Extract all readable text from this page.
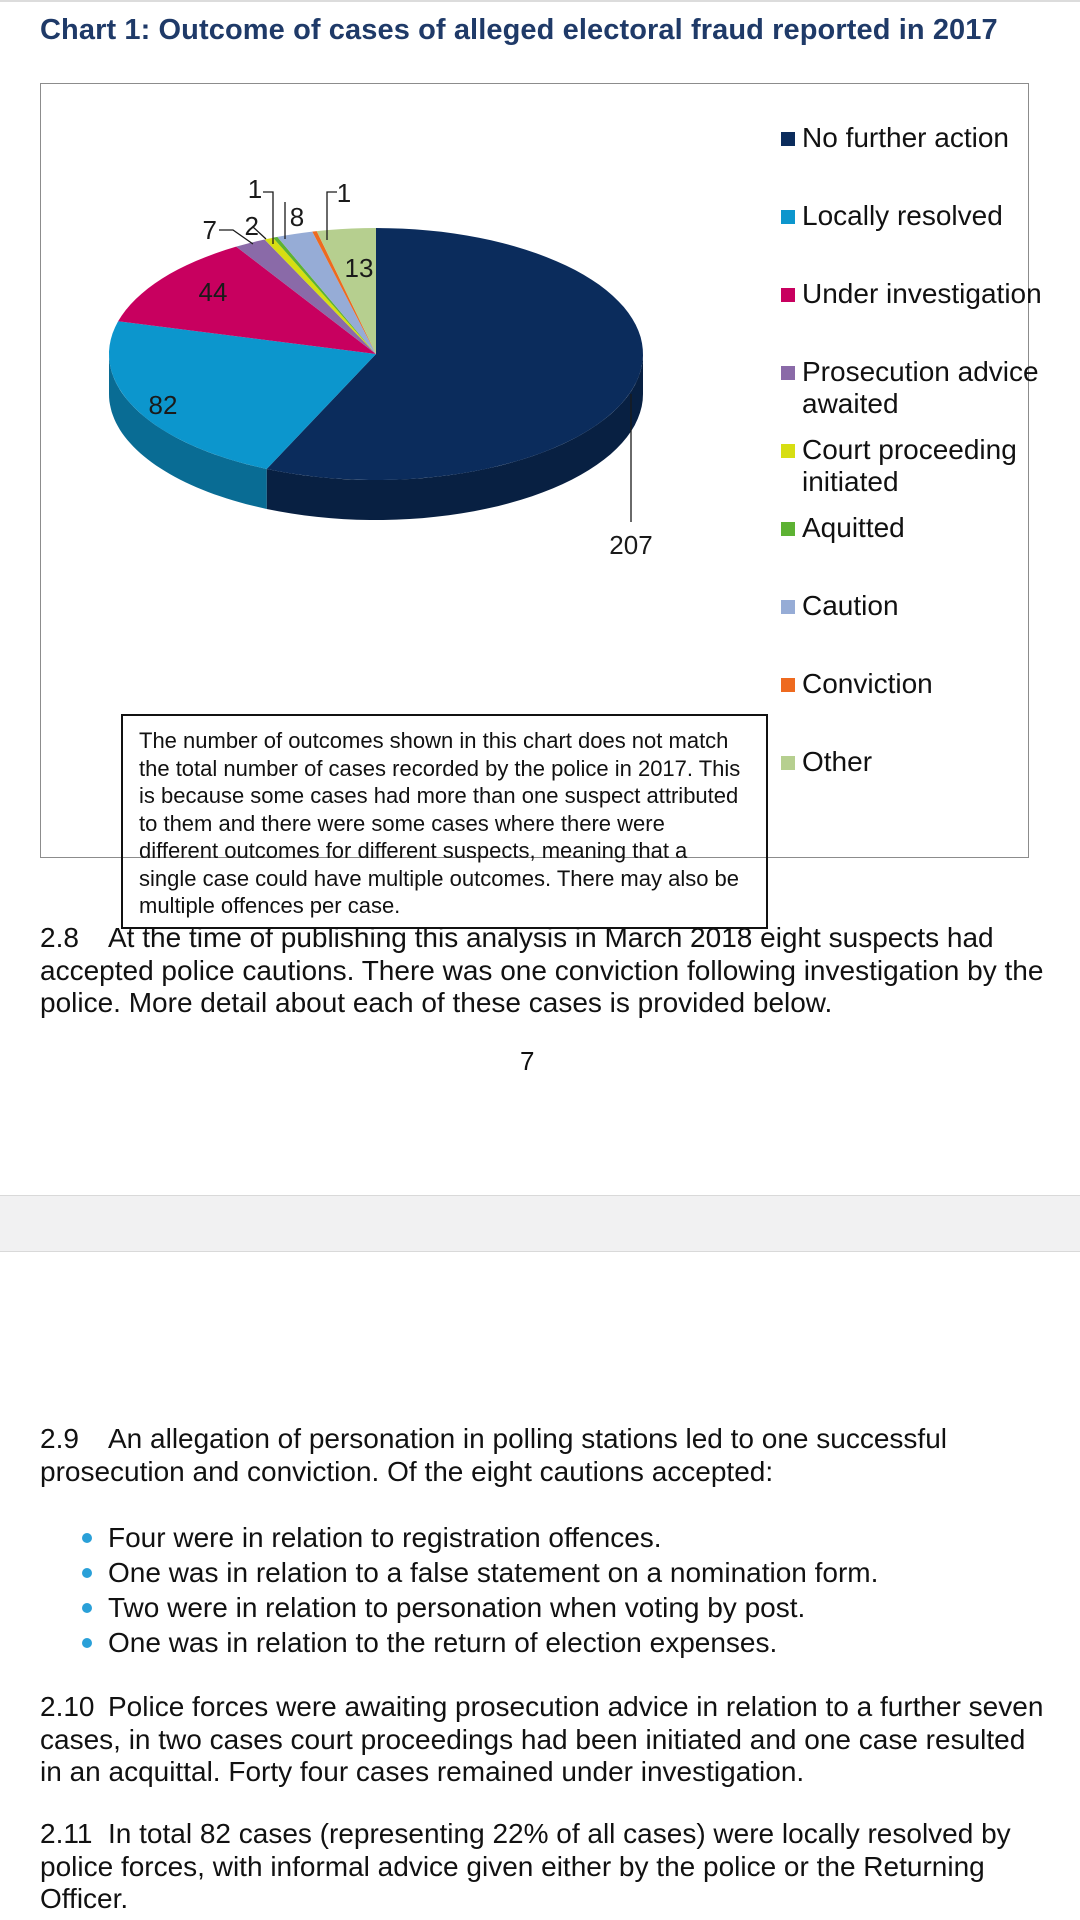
Chart 1: Outcome of cases of alleged electoral fraud reported in 2017
207
82
44
7 2
1
8
1
13
No further action
Locally resolved
Under investigation
Prosecution advice awaited
Court proceeding initiated
Aquitted
Caution
Conviction
Other
The number of outcomes shown in this chart does not match the total number of cases recorded by the police in 2017. This is because some cases had more than one suspect attributed to them and there were some cases where there were different outcomes for different suspects, meaning that a single case could have multiple outcomes. There may also be multiple offences per case.
2.8 At the time of publishing this analysis in March 2018 eight suspects had accepted police cautions. There was one conviction following investigation by the police. More detail about each of these cases is provided below.
7
2.9 An allegation of personation in polling stations led to one successful prosecution and conviction. Of the eight cautions accepted:
Four were in relation to registration offences.
One was in relation to a false statement on a nomination form.
Two were in relation to personation when voting by post.
One was in relation to the return of election expenses.
2.10 Police forces were awaiting prosecution advice in relation to a further seven cases, in two cases court proceedings had been initiated and one case resulted in an acquittal. Forty four cases remained under investigation.
2.11 In total 82 cases (representing 22% of all cases) were locally resolved by police forces, with informal advice given either by the police or the Returning Officer.
